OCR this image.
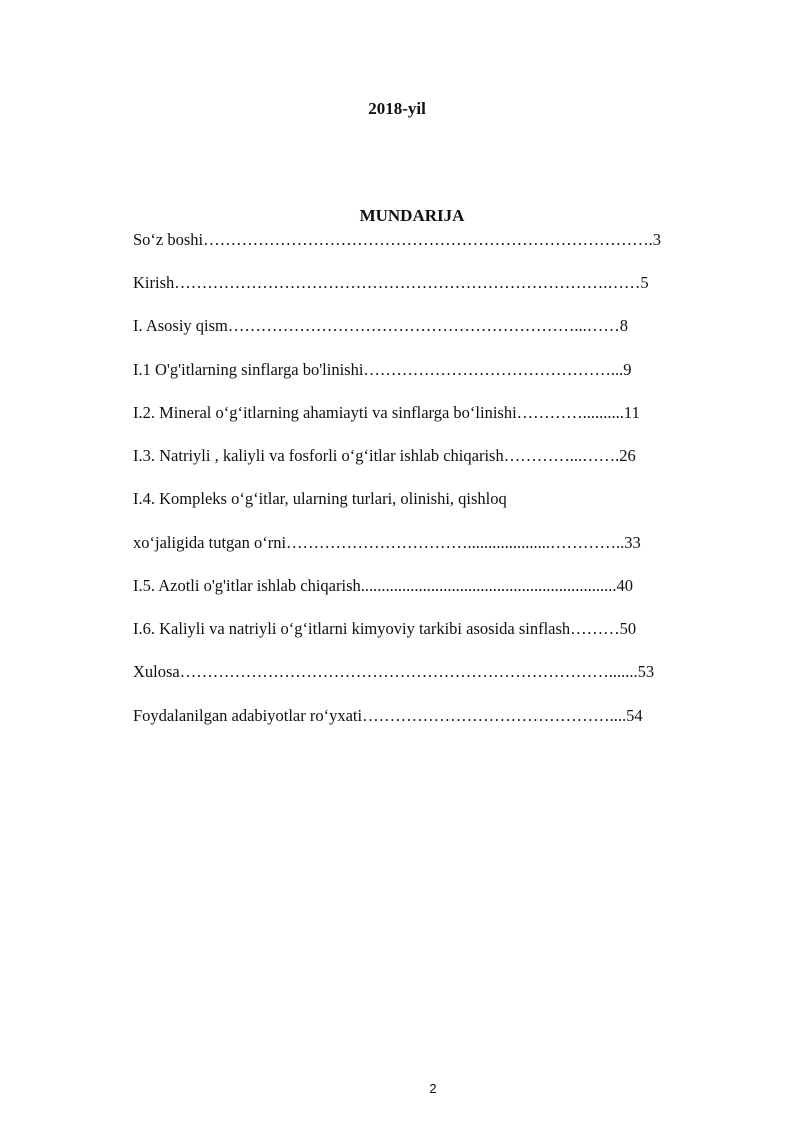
2018-yil
MUNDARIJA
So‘z boshi……………………………………………………………………….3
Kirish…………………………………………………………………….……5
I. Asosiy qism………………………………………………………...……8
I.1 O'g'itlarning sinflarga bo'linishi………………………………………...9
I.2. Mineral o‘g‘itlarning ahamiayti va sinflarga bo‘linishi…………..........11
I.3. Natriyli , kaliyli va fosforli o‘g‘itlar ishlab chiqarish…………...…….26
I.4. Kompleks o‘g‘itlar, ularning turlari, olinishi, qishloq
xo‘jaligida tutgan o‘rni……………………………....................…………..33
I.5. Azotli o'g'itlar ishlab chiqarish..............................................................40
I.6. Kaliyli va natriyli o‘g‘itlarni kimyoviy tarkibi asosida sinflash………50
Xulosa…………………………………………………………………….......53
Foydalanilgan adabiyotlar ro‘yxati………………………………………....54
2
